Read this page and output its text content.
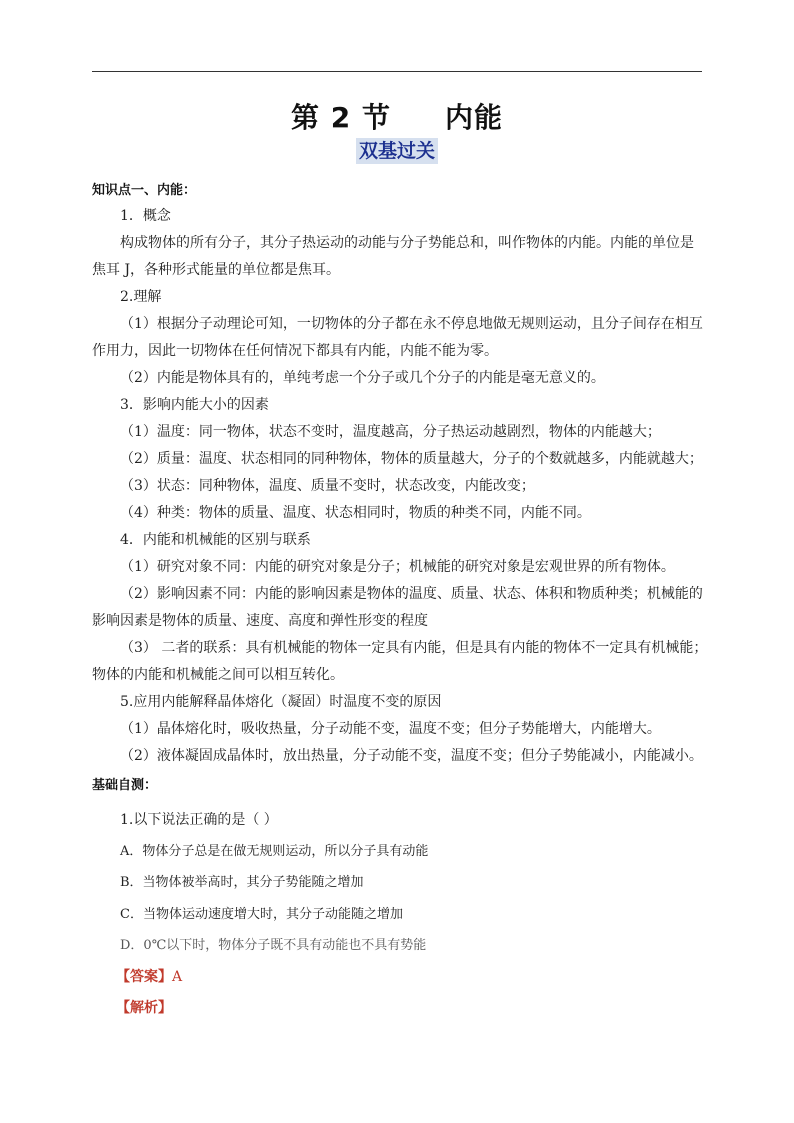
第 2 节 内能
双基过关
知识点一、内能：
1．概念
构成物体的所有分子，其分子热运动的动能与分子势能总和，叫作物体的内能。内能的单位是
焦耳 J，各种形式能量的单位都是焦耳。
2.理解
（1）根据分子动理论可知，一切物体的分子都在永不停息地做无规则运动，且分子间存在相互
作用力，因此一切物体在任何情况下都具有内能，内能不能为零。
（2）内能是物体具有的，单纯考虑一个分子或几个分子的内能是毫无意义的。
3．影响内能大小的因素
（1）温度：同一物体，状态不变时，温度越高，分子热运动越剧烈，物体的内能越大；
（2）质量：温度、状态相同的同种物体，物体的质量越大，分子的个数就越多，内能就越大；
（3）状态：同种物体，温度、质量不变时，状态改变，内能改变；
（4）种类：物体的质量、温度、状态相同时，物质的种类不同，内能不同。
4．内能和机械能的区别与联系
（1）研究对象不同：内能的研究对象是分子；机械能的研究对象是宏观世界的所有物体。
（2）影响因素不同：内能的影响因素是物体的温度、质量、状态、体积和物质种类；机械能的
影响因素是物体的质量、速度、高度和弹性形变的程度
（3） 二者的联系：具有机械能的物体一定具有内能，但是具有内能的物体不一定具有机械能；
物体的内能和机械能之间可以相互转化。
5.应用内能解释晶体熔化（凝固）时温度不变的原因
（1）晶体熔化时，吸收热量，分子动能不变，温度不变；但分子势能增大，内能增大。
（2）液体凝固成晶体时，放出热量，分子动能不变，温度不变；但分子势能减小，内能减小。
基础自测：
1.以下说法正确的是（ ）
A．物体分子总是在做无规则运动，所以分子具有动能
B．当物体被举高时，其分子势能随之增加
C．当物体运动速度增大时，其分子动能随之增加
D．0℃以下时，物体分子既不具有动能也不具有势能
【答案】A
【解析】
